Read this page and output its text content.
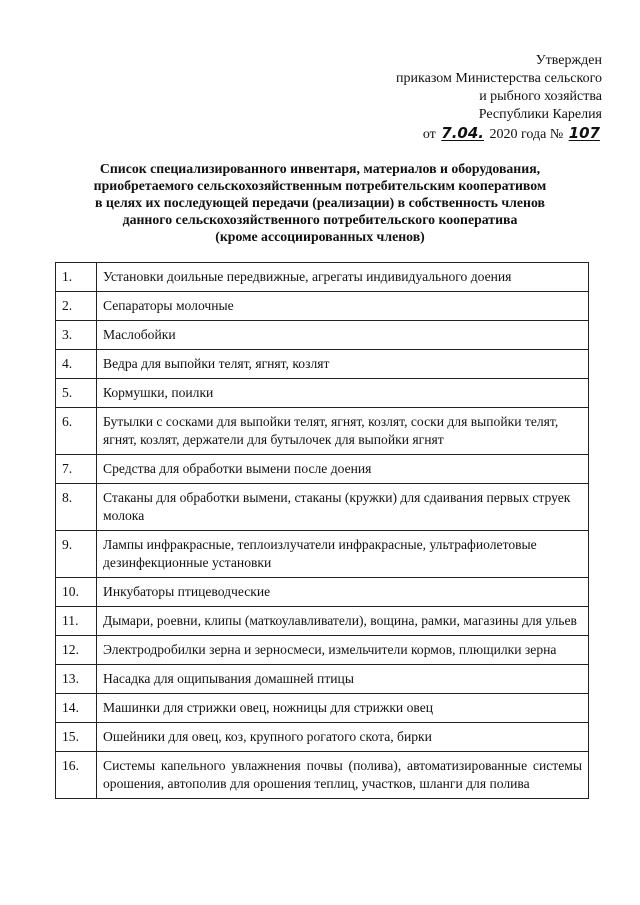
Утвержден
приказом Министерства сельского
и рыбного хозяйства
Республики Карелия
от 7.04. 2020 года № 107
Список специализированного инвентаря, материалов и оборудования,
приобретаемого сельскохозяйственным потребительским кооперативом
в целях их последующей передачи (реализации) в собственность членов
данного сельскохозяйственного потребительского кооператива
(кроме ассоциированных членов)
1.	Установки доильные передвижные, агрегаты индивидуального доения
2.	Сепараторы молочные
3.	Маслобойки
4.	Ведра для выпойки телят, ягнят, козлят
5.	Кормушки, поилки
6.	Бутылки с сосками для выпойки телят, ягнят, козлят, соски для выпойки телят, ягнят, козлят, держатели для бутылочек для выпойки ягнят
7.	Средства для обработки вымени после доения
8.	Стаканы для обработки вымени, стаканы (кружки) для сдаивания первых струек молока
9.	Лампы инфракрасные, теплоизлучатели инфракрасные, ультрафиолетовые дезинфекционные установки
10.	Инкубаторы птицеводческие
11.	Дымари, роевни, клипы (маткоулавливатели), вощина, рамки, магазины для ульев
12.	Электродробилки зерна и зерносмеси, измельчители кормов, плющилки зерна
13.	Насадка для ощипывания домашней птицы
14.	Машинки для стрижки овец, ножницы для стрижки овец
15.	Ошейники для овец, коз, крупного рогатого скота, бирки
16.	Системы капельного увлажнения почвы (полива), автоматизированные системы орошения, автополив для орошения теплиц, участков, шланги для полива
